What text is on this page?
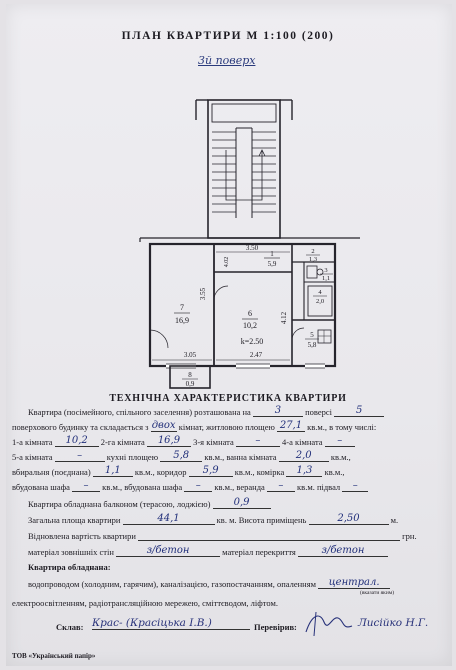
ПЛАН КВАРТИРИ М 1:100 (200)
3й поверх
3.50
3.55
4.12
4.02
3.05	2.47
k=2.50
7
16,9
6
10,2
1
5,9
2
1,3
3
1,1
4
2,0
5
5,8
8
0,9
ТЕХНІЧНА ХАРАКТЕРИСТИКА КВАРТИРИ
Квартира (посімейного, спільного заселення) розташована на 3	поверсі 5
поверхового будинку та складається з двох кімнат, житловою площею 27,1 кв.м., в тому числі:
1-а кімната 10,2 2-га кімната 16,9 3-я кімната –	4-а кімната –
5-а кімната –	кухні площею 5,8 кв.м., ванна кімната 2,0 кв.м.,
вбиральня (поєднана) 1,1 кв.м., коридор 5,9 кв.м., комірка 1,3 кв.м.,
вбудована шафа – кв.м., вбудована шафа – кв.м., веранда – кв.м. підвал –
Квартира обладнана балконом (терасою, лоджією) 0,9
Загальна площа квартири	44,1	кв. м. Висота приміщень	2,50	м.
Відновлена вартість квартири	грн.
матеріал зовнішніх стін	з/бетон	матеріал перекриття	з/бетон
Квартира обладнана:
водопроводом (холодним, гарячим), каналізацією, газопостачанням, опаленням централ.
(вказати яким)
електроосвітленням, радіотрансляційною мережею, сміттєводом, ліфтом.
Склав: Крас- (Красіцька І.В.)	Перевірив:	Лисійко Н.Г.
ТОВ «Український папір»
